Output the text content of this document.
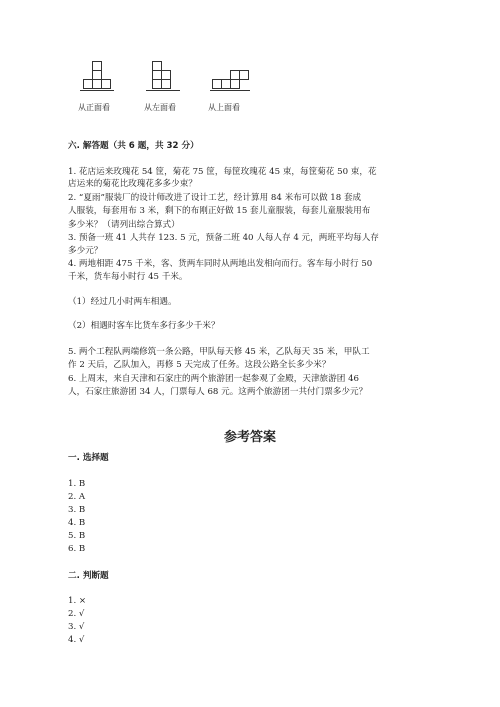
从正面看	从左面看	从上面看
六. 解答题（共 6 题，共 32 分）
1. 花店运来玫瑰花 54 筐，菊花 75 筐，每筐玫瑰花 45 束，每筐菊花 50 束，花
店运来的菊花比玫瑰花多多少束？
2. “夏雨”服装厂的设计师改进了设计工艺，经计算用 84 米布可以做 18 套成
人服装，每套用布 3 米，剩下的布刚正好做 15 套儿童服装，每套儿童服装用布
多少米？（请列出综合算式）
3. 预备一班 41 人共存 123. 5 元，预备二班 40 人每人存 4 元，两班平均每人存
多少元？
4. 两地相距 475 千米，客、货两车同时从两地出发相向而行。客车每小时行 50
千米，货车每小时行 45 千米。
（1）经过几小时两车相遇。
（2）相遇时客车比货车多行多少千米？
5. 两个工程队两端修筑一条公路，甲队每天修 45 米，乙队每天 35 米，甲队工
作 2 天后，乙队加入，再修 5 天完成了任务。这段公路全长多少米？
6. 上周末，来自天津和石家庄的两个旅游团一起参观了金殿，天津旅游团 46
人，石家庄旅游团 34 人，门票每人 68 元。这两个旅游团一共付门票多少元？
参考答案
一. 选择题
1. B
2. A
3. B
4. B
5. B
6. B
二. 判断题
1. ×
2. √
3. √
4. √
